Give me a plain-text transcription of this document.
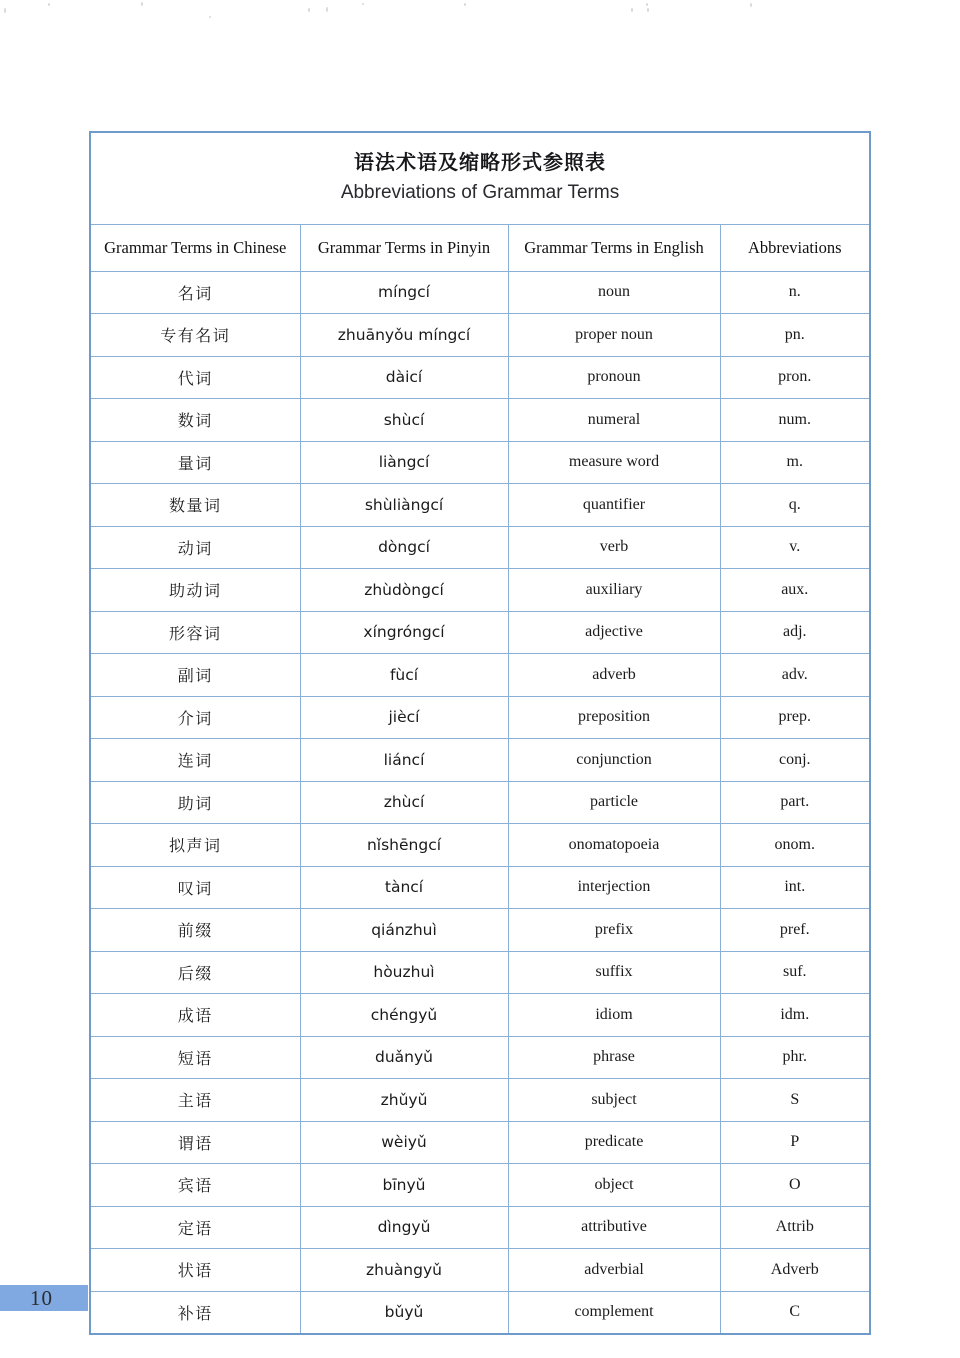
语法术语及缩略形式参照表
Abbreviations of Grammar Terms			

Grammar Terms in Chinese	Grammar Terms in Pinyin	Grammar Terms in English	Abbreviations
名词	míngcí	noun	n.
专有名词	zhuānyǒu míngcí	proper noun	pn.
代词	dàicí	pronoun	pron.
数词	shùcí	numeral	num.
量词	liàngcí	measure word	m.
数量词	shùliàngcí	quantifier	q.
动词	dòngcí	verb	v.
助动词	zhùdòngcí	auxiliary	aux.
形容词	xíngróngcí	adjective	adj.
副词	fùcí	adverb	adv.
介词	jiècí	preposition	prep.
连词	liáncí	conjunction	conj.
助词	zhùcí	particle	part.
拟声词	nǐshēngcí	onomatopoeia	onom.
叹词	tàncí	interjection	int.
前缀	qiánzhuì	prefix	pref.
后缀	hòuzhuì	suffix	suf.
成语	chéngyǔ	idiom	idm.
短语	duǎnyǔ	phrase	phr.
主语	zhǔyǔ	subject	S
谓语	wèiyǔ	predicate	P
宾语	bīnyǔ	object	O
定语	dìngyǔ	attributive	Attrib
状语	zhuàngyǔ	adverbial	Adverb
补语	bǔyǔ	complement	C
10
